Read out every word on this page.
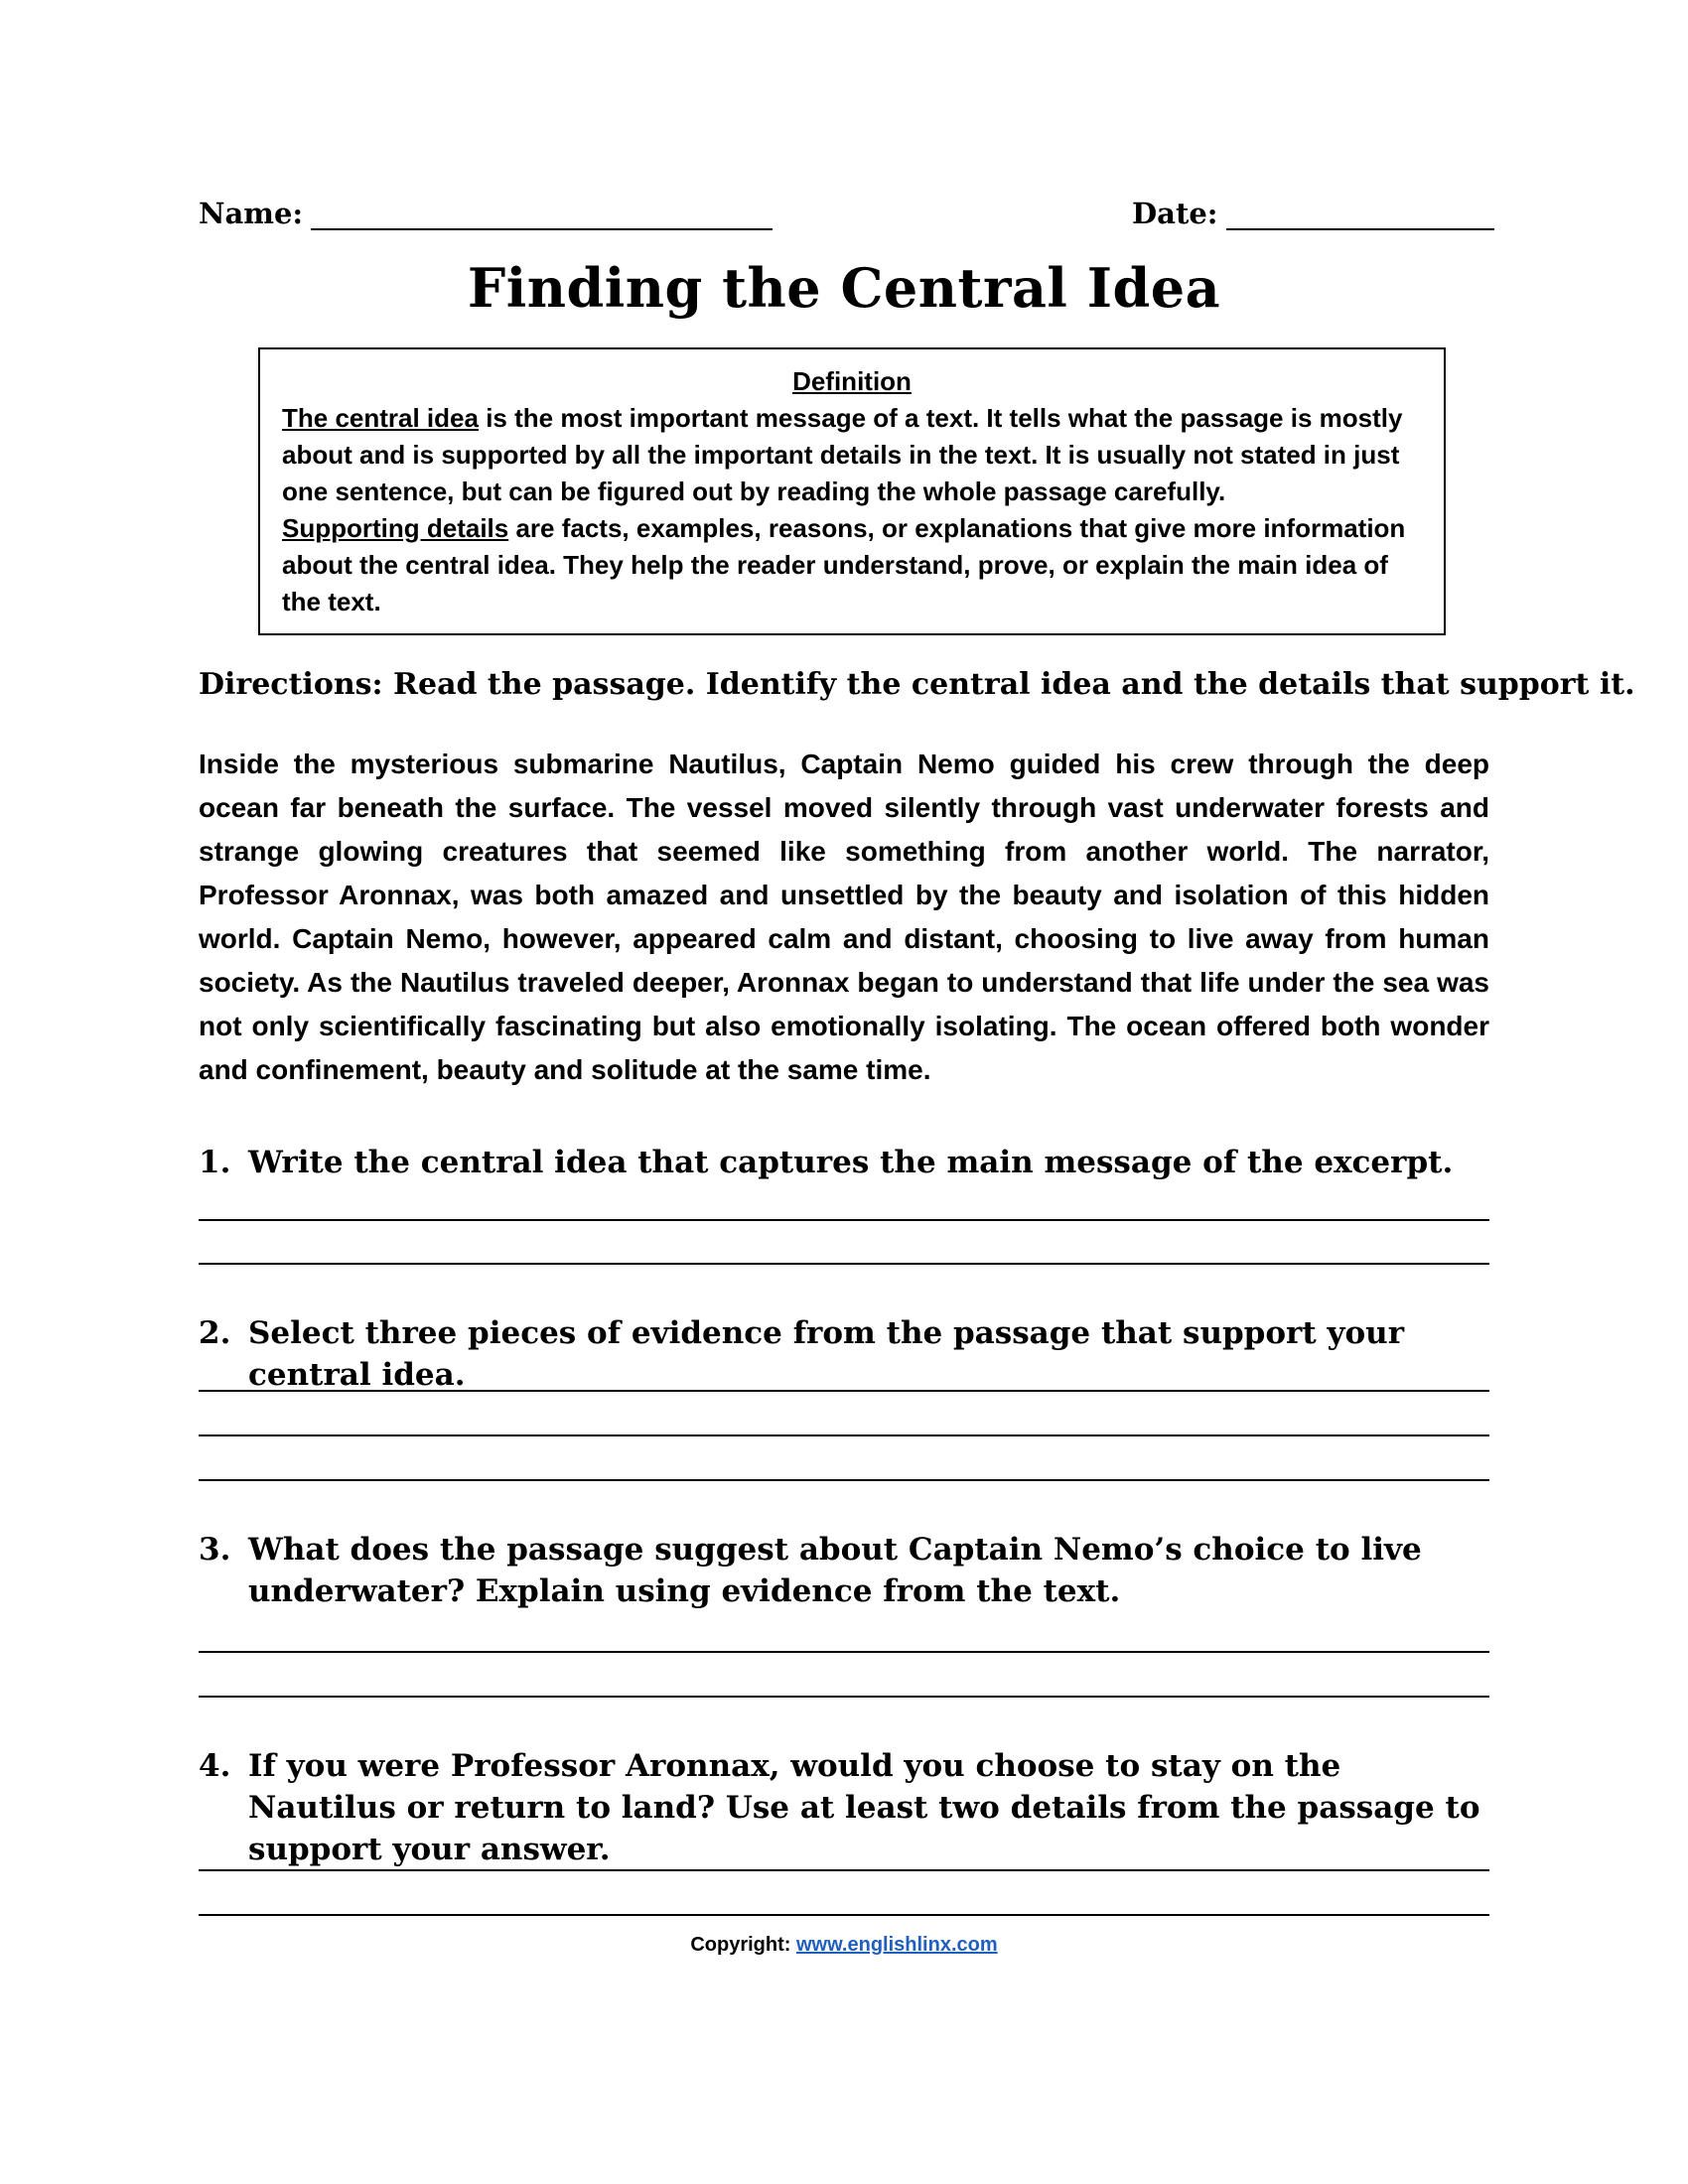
Name:	Date:
Finding the Central Idea
Definition

The central idea is the most important message of a text. It tells what the passage is mostly about and is supported by all the important details in the text. It is usually not stated in just one sentence, but can be figured out by reading the whole passage carefully.

Supporting details are facts, examples, reasons, or explanations that give more information about the central idea. They help the reader understand, prove, or explain the main idea of the text.

Directions: Read the passage. Identify the central idea and the details that support it.

Inside the mysterious submarine Nautilus, Captain Nemo guided his crew through the deep ocean far beneath the surface. The vessel moved silently through vast underwater forests and strange glowing creatures that seemed like something from another world. The narrator, Professor Aronnax, was both amazed and unsettled by the beauty and isolation of this hidden world. Captain Nemo, however, appeared calm and distant, choosing to live away from human society. As the Nautilus traveled deeper, Aronnax began to understand that life under the sea was not only scientifically fascinating but also emotionally isolating. The ocean offered both wonder and confinement, beauty and solitude at the same time.

1. Write the central idea that captures the main message of the excerpt.
2. Select three pieces of evidence from the passage that support your central idea.
3. What does the passage suggest about Captain Nemo’s choice to live underwater? Explain using evidence from the text.
4. If you were Professor Aronnax, would you choose to stay on the Nautilus or return to land? Use at least two details from the passage to support your answer.
Copyright: www.englishlinx.com
